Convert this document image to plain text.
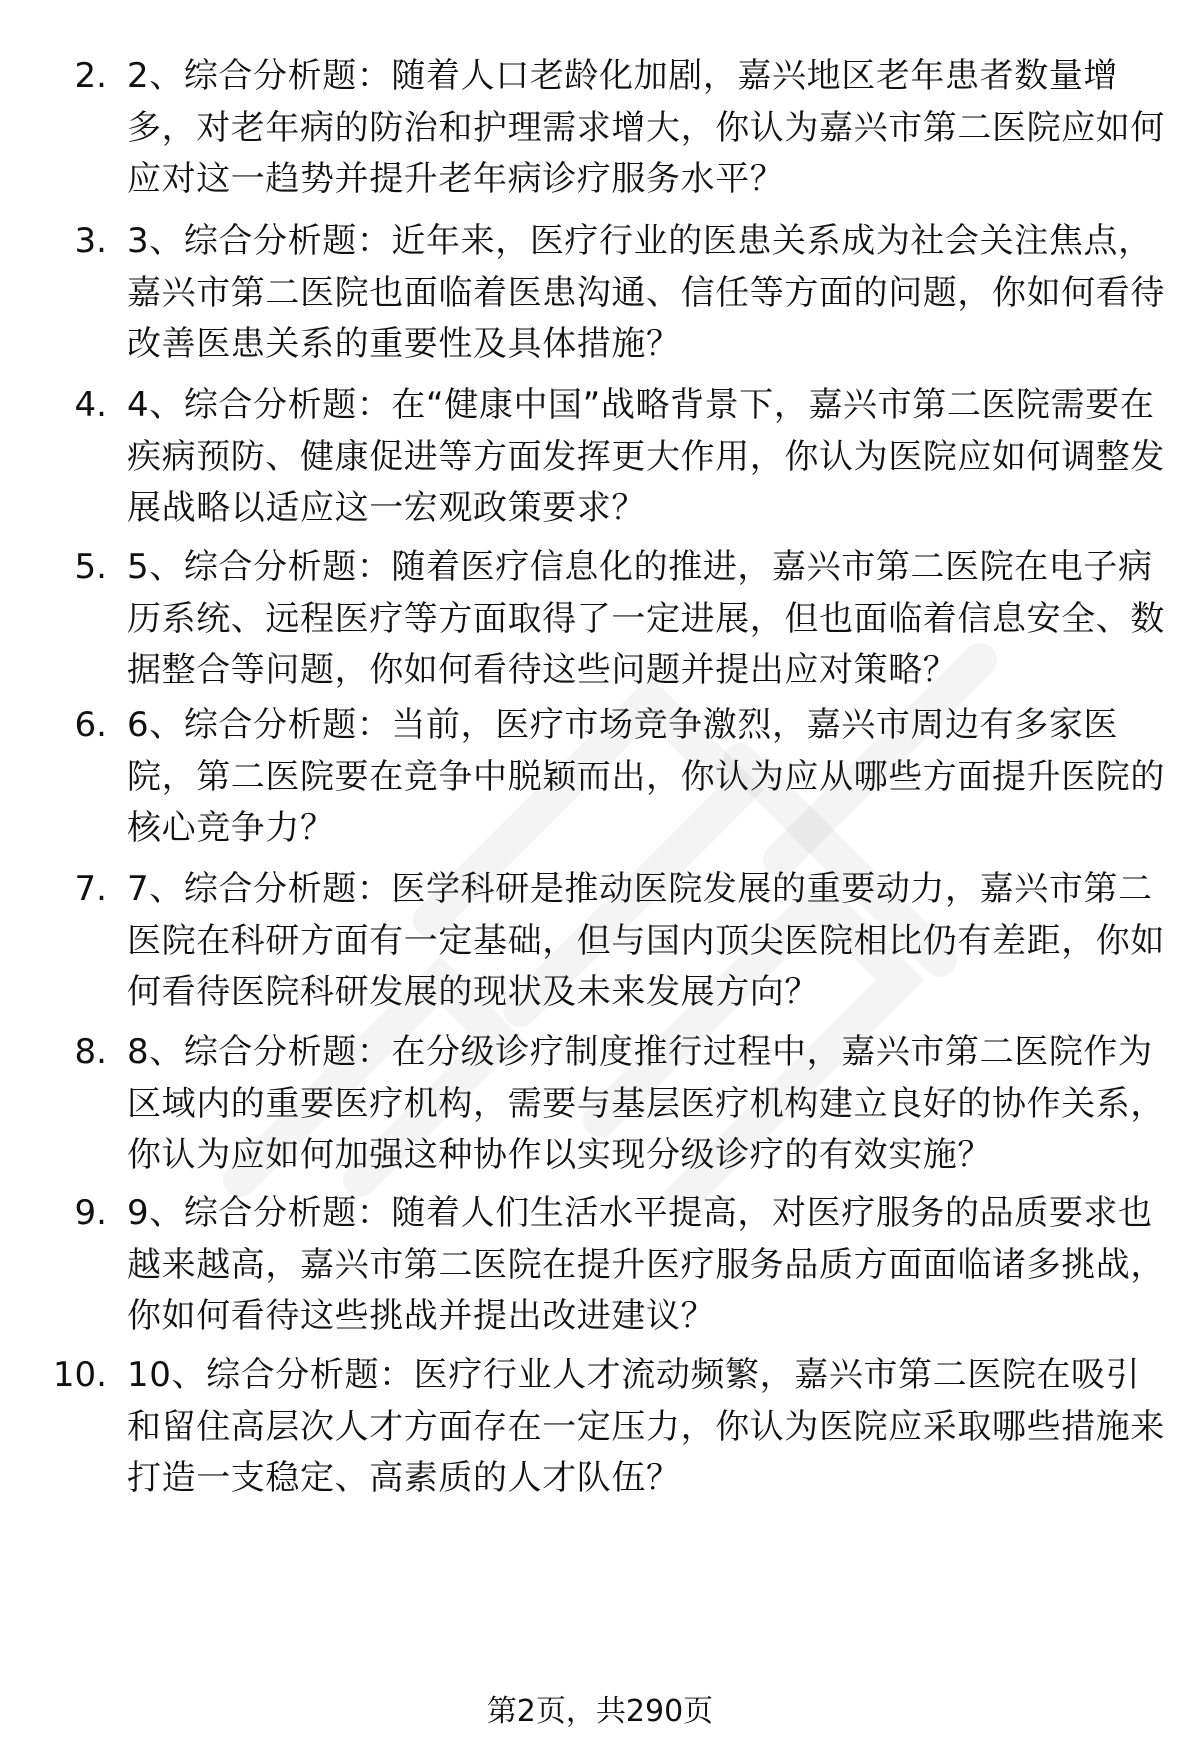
2. 2、综合分析题：随着人口老龄化加剧，嘉兴地区老年患者数量增多，对老年病的防治和护理需求增大，你认为嘉兴市第二医院应如何应对这一趋势并提升老年病诊疗服务水平？
3. 3、综合分析题：近年来，医疗行业的医患关系成为社会关注焦点，嘉兴市第二医院也面临着医患沟通、信任等方面的问题，你如何看待改善医患关系的重要性及具体措施？
4. 4、综合分析题：在“健康中国”战略背景下，嘉兴市第二医院需要在疾病预防、健康促进等方面发挥更大作用，你认为医院应如何调整发展战略以适应这一宏观政策要求？
5. 5、综合分析题：随着医疗信息化的推进，嘉兴市第二医院在电子病历系统、远程医疗等方面取得了一定进展，但也面临着信息安全、数据整合等问题，你如何看待这些问题并提出应对策略？
6. 6、综合分析题：当前，医疗市场竞争激烈，嘉兴市周边有多家医院，第二医院要在竞争中脱颖而出，你认为应从哪些方面提升医院的核心竞争力？
7. 7、综合分析题：医学科研是推动医院发展的重要动力，嘉兴市第二医院在科研方面有一定基础，但与国内顶尖医院相比仍有差距，你如何看待医院科研发展的现状及未来发展方向？
8. 8、综合分析题：在分级诊疗制度推行过程中，嘉兴市第二医院作为区域内的重要医疗机构，需要与基层医疗机构建立良好的协作关系，你认为应如何加强这种协作以实现分级诊疗的有效实施？
9. 9、综合分析题：随着人们生活水平提高，对医疗服务的品质要求也越来越高，嘉兴市第二医院在提升医疗服务品质方面面临诸多挑战，你如何看待这些挑战并提出改进建议？
10. 10、综合分析题：医疗行业人才流动频繁，嘉兴市第二医院在吸引和留住高层次人才方面存在一定压力，你认为医院应采取哪些措施来打造一支稳定、高素质的人才队伍？
第2页，共290页
